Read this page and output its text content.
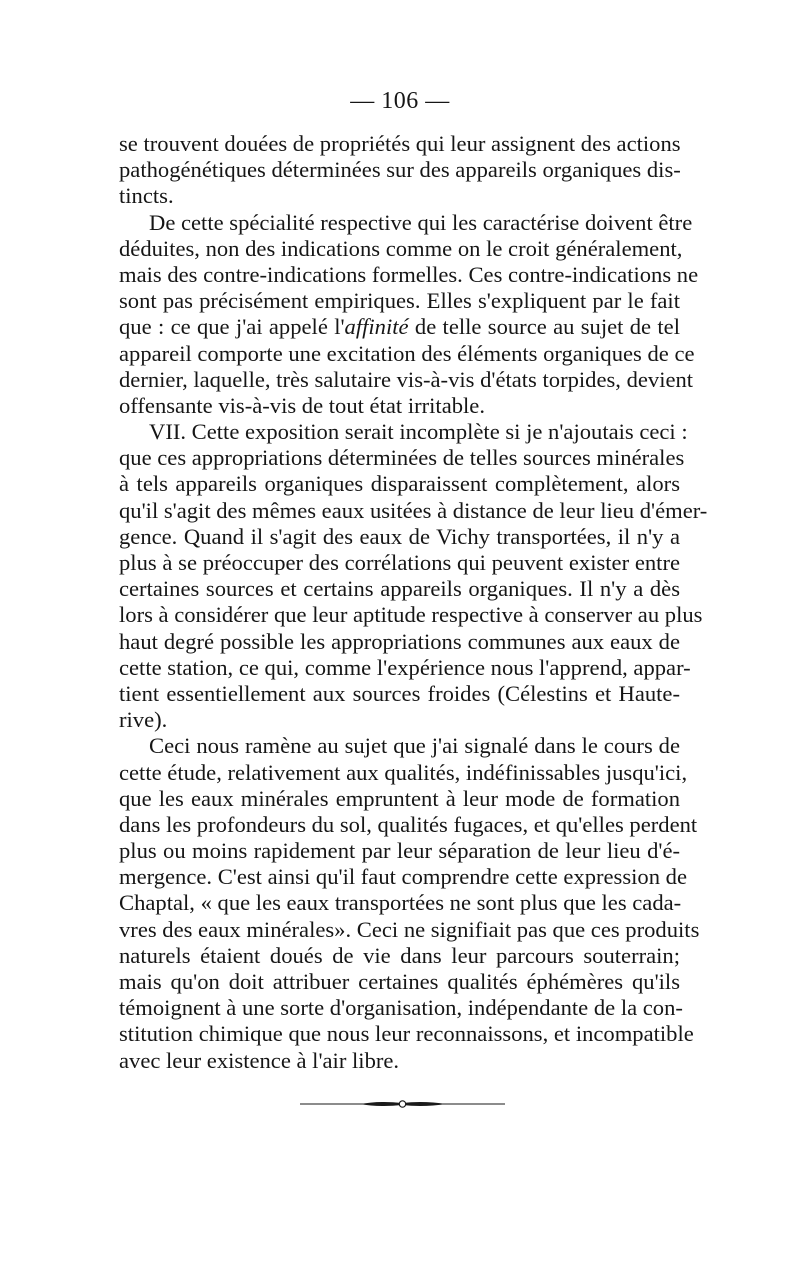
— 106 —
se trouvent douées de propriétés qui leur assignent des actions
pathogénétiques déterminées sur des appareils organiques dis-
tincts.
De cette spécialité respective qui les caractérise doivent être
déduites, non des indications comme on le croit généralement,
mais des contre-indications formelles. Ces contre-indications ne
sont pas précisément empiriques. Elles s'expliquent par le fait
que : ce que j'ai appelé l'affinité de telle source au sujet de tel
appareil comporte une excitation des éléments organiques de ce
dernier, laquelle, très salutaire vis-à-vis d'états torpides, devient
offensante vis-à-vis de tout état irritable.
VII. Cette exposition serait incomplète si je n'ajoutais ceci :
que ces appropriations déterminées de telles sources minérales
à tels appareils organiques disparaissent complètement, alors
qu'il s'agit des mêmes eaux usitées à distance de leur lieu d'émer-
gence. Quand il s'agit des eaux de Vichy transportées, il n'y a
plus à se préoccuper des corrélations qui peuvent exister entre
certaines sources et certains appareils organiques. Il n'y a dès
lors à considérer que leur aptitude respective à conserver au plus
haut degré possible les appropriations communes aux eaux de
cette station, ce qui, comme l'expérience nous l'apprend, appar-
tient essentiellement aux sources froides (Célestins et Haute-
rive).
Ceci nous ramène au sujet que j'ai signalé dans le cours de
cette étude, relativement aux qualités, indéfinissables jusqu'ici,
que les eaux minérales empruntent à leur mode de formation
dans les profondeurs du sol, qualités fugaces, et qu'elles perdent
plus ou moins rapidement par leur séparation de leur lieu d'é-
mergence. C'est ainsi qu'il faut comprendre cette expression de
Chaptal, « que les eaux transportées ne sont plus que les cada-
vres des eaux minérales». Ceci ne signifiait pas que ces produits
naturels étaient doués de vie dans leur parcours souterrain;
mais qu'on doit attribuer certaines qualités éphémères qu'ils
témoignent à une sorte d'organisation, indépendante de la con-
stitution chimique que nous leur reconnaissons, et incompatible
avec leur existence à l'air libre.
